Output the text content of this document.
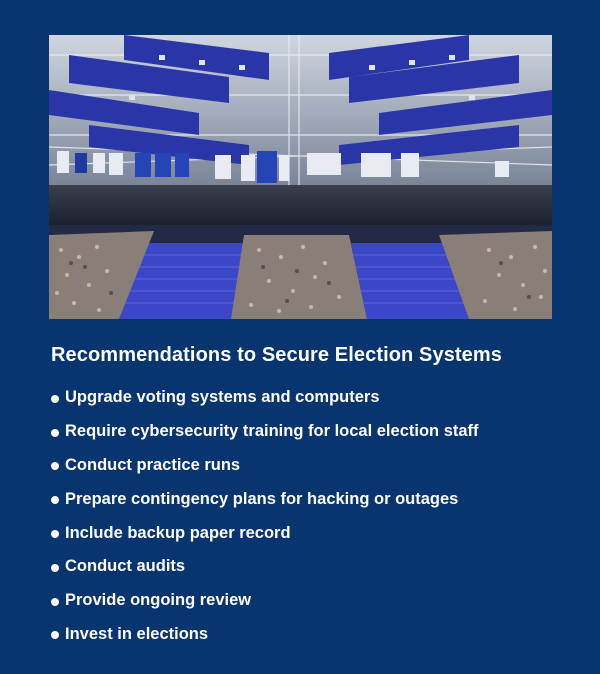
Recommendations to Secure Election Systems
Upgrade voting systems and computers
Require cybersecurity training for local election staff
Conduct practice runs
Prepare contingency plans for hacking or outages
Include backup paper record
Conduct audits
Provide ongoing review
Invest in elections
